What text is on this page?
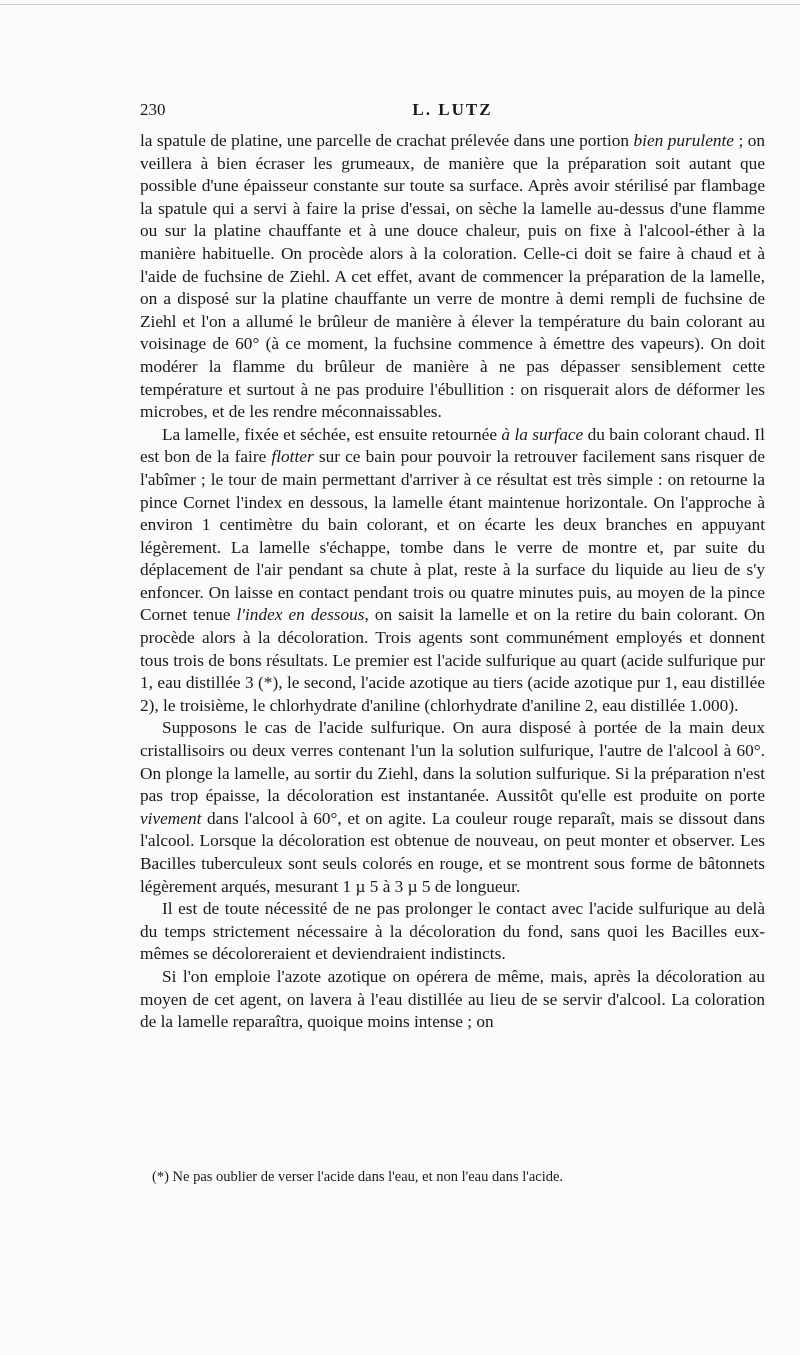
230	L. LUTZ

la spatule de platine, une parcelle de crachat prélevée dans une portion bien purulente ; on veillera à bien écraser les grumeaux, de manière que la préparation soit autant que possible d'une épaisseur constante sur toute sa surface. Après avoir stérilisé par flambage la spatule qui a servi à faire la prise d'essai, on sèche la lamelle au-dessus d'une flamme ou sur la platine chauffante et à une douce chaleur, puis on fixe à l'alcool-éther à la manière habituelle. On procède alors à la coloration. Celle-ci doit se faire à chaud et à l'aide de fuchsine de Ziehl. A cet effet, avant de commencer la préparation de la lamelle, on a disposé sur la platine chauffante un verre de montre à demi rempli de fuchsine de Ziehl et l'on a allumé le brûleur de manière à élever la température du bain colorant au voisinage de 60° (à ce moment, la fuchsine commence à émettre des vapeurs). On doit modérer la flamme du brûleur de manière à ne pas dépasser sensiblement cette température et surtout à ne pas produire l'ébullition : on risquerait alors de déformer les microbes, et de les rendre méconnaissables.

La lamelle, fixée et séchée, est ensuite retournée à la surface du bain colorant chaud. Il est bon de la faire flotter sur ce bain pour pouvoir la retrouver facilement sans risquer de l'abîmer ; le tour de main permettant d'arriver à ce résultat est très simple : on retourne la pince Cornet l'index en dessous, la lamelle étant maintenue horizontale. On l'approche à environ 1 centimètre du bain colorant, et on écarte les deux branches en appuyant légèrement. La lamelle s'échappe, tombe dans le verre de montre et, par suite du déplacement de l'air pendant sa chute à plat, reste à la surface du liquide au lieu de s'y enfoncer. On laisse en contact pendant trois ou quatre minutes puis, au moyen de la pince Cornet tenue l'index en dessous, on saisit la lamelle et on la retire du bain colorant. On procède alors à la décoloration. Trois agents sont communément employés et donnent tous trois de bons résultats. Le premier est l'acide sulfurique au quart (acide sulfurique pur 1, eau distillée 3 (*), le second, l'acide azotique au tiers (acide azotique pur 1, eau distillée 2), le troisième, le chlorhydrate d'aniline (chlorhydrate d'aniline 2, eau distillée 1.000).

Supposons le cas de l'acide sulfurique. On aura disposé à portée de la main deux cristallisoirs ou deux verres contenant l'un la solution sulfurique, l'autre de l'alcool à 60°. On plonge la lamelle, au sortir du Ziehl, dans la solution sulfurique. Si la préparation n'est pas trop épaisse, la décoloration est instantanée. Aussitôt qu'elle est produite on porte vivement dans l'alcool à 60°, et on agite. La couleur rouge reparaît, mais se dissout dans l'alcool. Lorsque la décoloration est obtenue de nouveau, on peut monter et observer. Les Bacilles tuberculeux sont seuls colorés en rouge, et se montrent sous forme de bâtonnets légèrement arqués, mesurant 1 µ 5 à 3 µ 5 de longueur.

Il est de toute nécessité de ne pas prolonger le contact avec l'acide sulfurique au delà du temps strictement nécessaire à la décoloration du fond, sans quoi les Bacilles eux-mêmes se décoloreraient et deviendraient indistincts.

Si l'on emploie l'azote azotique on opérera de même, mais, après la décoloration au moyen de cet agent, on lavera à l'eau distillée au lieu de se servir d'alcool. La coloration de la lamelle reparaîtra, quoique moins intense ; on

(*) Ne pas oublier de verser l'acide dans l'eau, et non l'eau dans l'acide.
